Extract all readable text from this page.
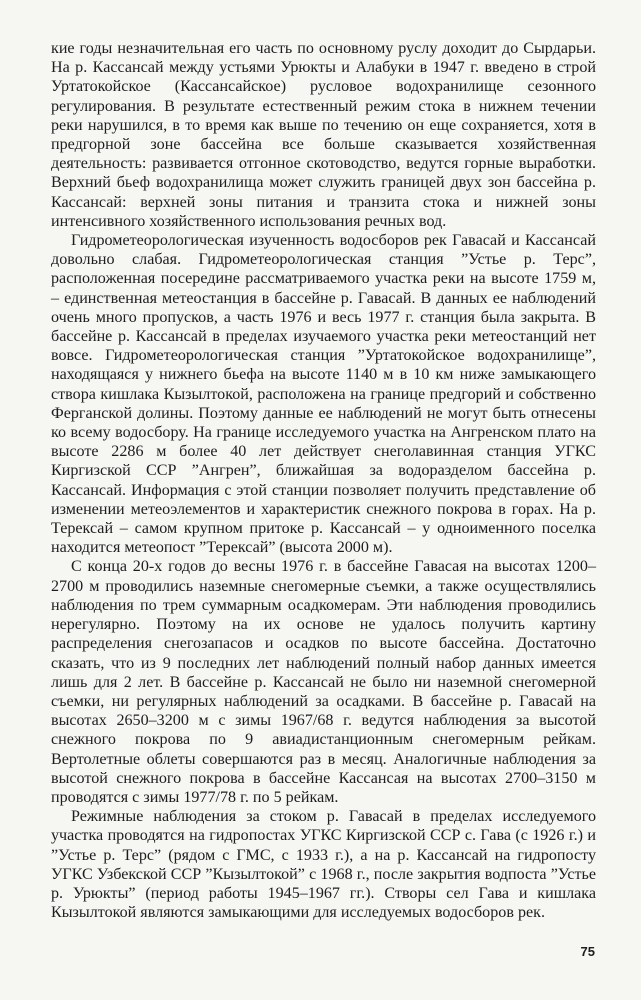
кие годы незначительная его часть по основному руслу доходит до Сырдарьи. На р. Кассансай между устьями Урюкты и Алабуки в 1947 г. введено в строй Уртатокойское (Кассансайское) русловое водохранилище сезонного регулирования. В результате естественный режим стока в нижнем течении реки нарушился, в то время как выше по течению он еще сохраняется, хотя в предгорной зоне бассейна все больше сказывается хозяйственная деятельность: развивается отгонное скотоводство, ведутся горные выработки. Верхний бьеф водохранилища может служить границей двух зон бассейна р. Кассансай: верхней зоны питания и транзита стока и нижней зоны интенсивного хозяйственного использования речных вод.

Гидрометеорологическая изученность водосборов рек Гавасай и Кассансай довольно слабая. Гидрометеорологическая станция ”Устье р. Терс”, расположенная посередине рассматриваемого участка реки на высоте 1759 м, – единственная метеостанция в бассейне р. Гавасай. В данных ее наблюдений очень много пропусков, а часть 1976 и весь 1977 г. станция была закрыта. В бассейне р. Кассансай в пределах изучаемого участка реки метеостанций нет вовсе. Гидрометеорологическая станция ”Уртатокойское водохранилище”, находящаяся у нижнего бьефа на высоте 1140 м в 10 км ниже замыкающего створа кишлака Кызылтокой, расположена на границе предгорий и собственно Ферганской долины. Поэтому данные ее наблюдений не могут быть отнесены ко всему водосбору. На границе исследуемого участка на Ангренском плато на высоте 2286 м более 40 лет действует снеголавинная станция УГКС Киргизской ССР ”Ангрен”, ближайшая за водоразделом бассейна р. Кассансай. Информация с этой станции позволяет получить представление об изменении метеоэлементов и характеристик снежного покрова в горах. На р. Терексай – самом крупном притоке р. Кассансай – у одноименного поселка находится метеопост ”Терексай” (высота 2000 м).

С конца 20-х годов до весны 1976 г. в бассейне Гавасая на высотах 1200–2700 м проводились наземные снегомерные съемки, а также осуществлялись наблюдения по трем суммарным осадкомерам. Эти наблюдения проводились нерегулярно. Поэтому на их основе не удалось получить картину распределения снегозапасов и осадков по высоте бассейна. Достаточно сказать, что из 9 последних лет наблюдений полный набор данных имеется лишь для 2 лет. В бассейне р. Кассансай не было ни наземной снегомерной съемки, ни регулярных наблюдений за осадками. В бассейне р. Гавасай на высотах 2650–3200 м с зимы 1967/68 г. ведутся наблюдения за высотой снежного покрова по 9 авиадистанционным снегомерным рейкам. Вертолетные облеты совершаются раз в месяц. Аналогичные наблюдения за высотой снежного покрова в бассейне Кассансая на высотах 2700–3150 м проводятся с зимы 1977/78 г. по 5 рейкам.

Режимные наблюдения за стоком р. Гавасай в пределах исследуемого участка проводятся на гидропостах УГКС Киргизской ССР с. Гава (с 1926 г.) и ”Устье р. Терс” (рядом с ГМС, с 1933 г.), а на р. Кассансай на гидропосту УГКС Узбекской ССР ”Кызылтокой” с 1968 г., после закрытия водпоста ”Устье р. Урюкты” (период работы 1945–1967 гг.). Створы сел Гава и кишлака Кызылтокой являются замыкающими для исследуемых водосборов рек.

75
